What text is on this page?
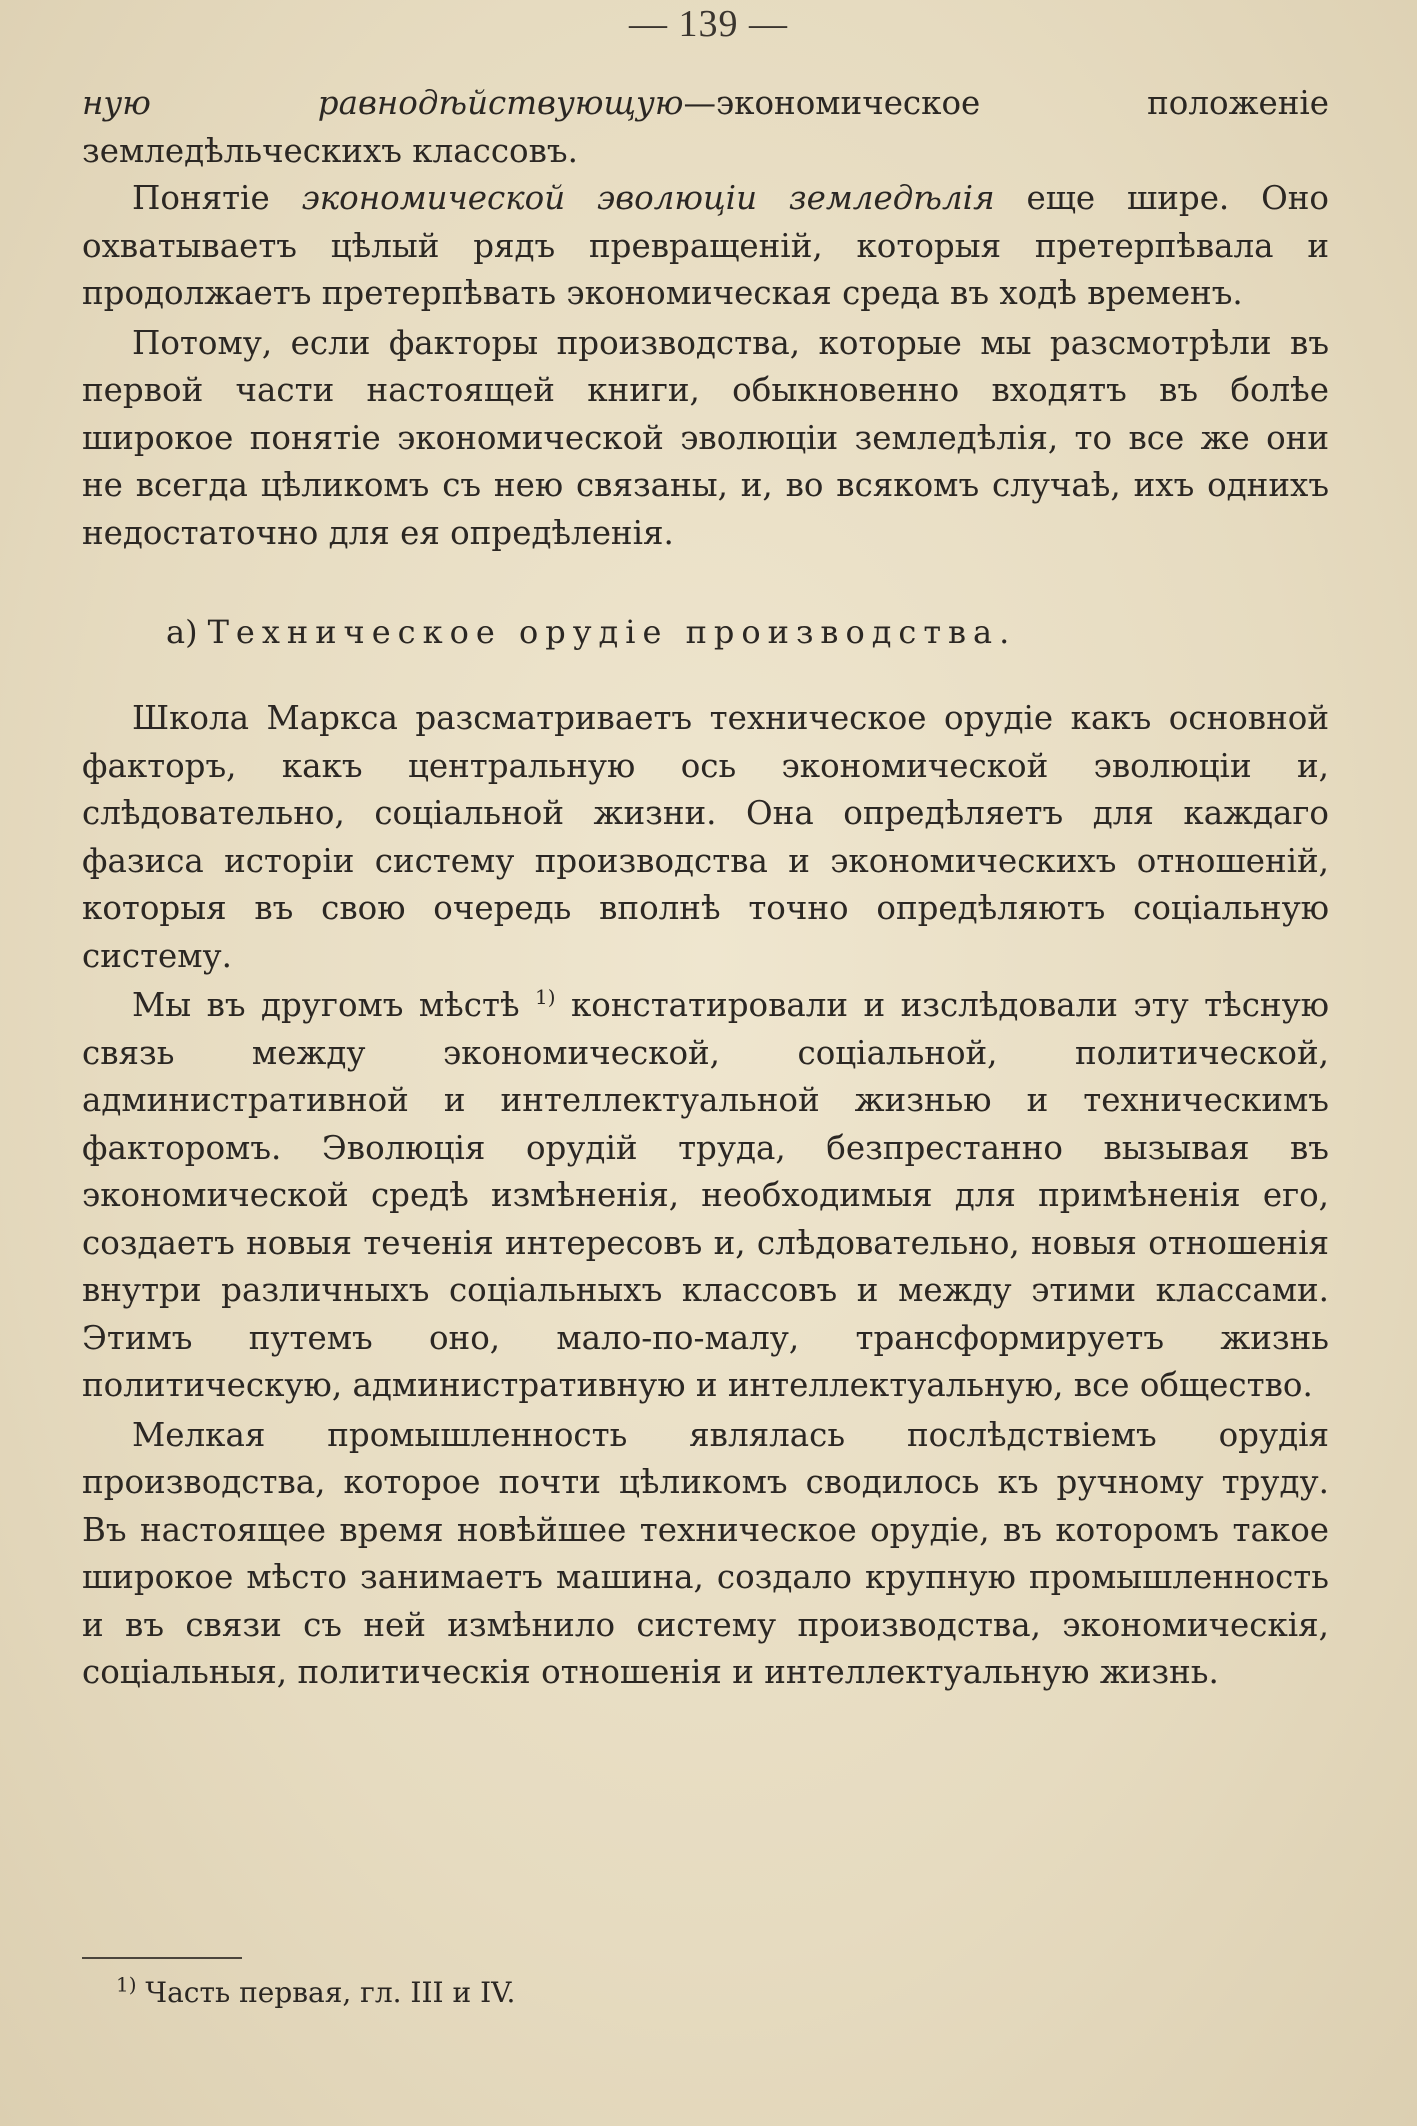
— 139 —

ную равнодѣйствующую—экономическое положеніе земледѣльческихъ классовъ.

Понятіе экономической эволюціи земледѣлія еще шире. Оно охватываетъ цѣлый рядъ превращеній, которыя претерпѣвала и продолжаетъ претерпѣвать экономическая среда въ ходѣ временъ.

Потому, если факторы производства, которые мы разсмотрѣли въ первой части настоящей книги, обыкновенно входятъ въ болѣе широкое понятіе экономической эволюціи земледѣлія, то все же они не всегда цѣликомъ съ нею связаны, и, во всякомъ случаѣ, ихъ однихъ недостаточно для ея опредѣленія.

а) Техническое орудіе производства.

Школа Маркса разсматриваетъ техническое орудіе какъ основной факторъ, какъ центральную ось экономической эволюціи и, слѣдовательно, соціальной жизни. Она опредѣляетъ для каждаго фазиса исторіи систему производства и экономическихъ отношеній, которыя въ свою очередь вполнѣ точно опредѣляютъ соціальную систему.

Мы въ другомъ мѣстѣ $^{1)}$ констатировали и изслѣдовали эту тѣсную связь между экономической, соціальной, политической, административной и интеллектуальной жизнью и техническимъ факторомъ. Эволюція орудій труда, безпрестанно вызывая въ экономической средѣ измѣненія, необходимыя для примѣненія его, создаетъ новыя теченія интересовъ и, слѣдовательно, новыя отношенія внутри различныхъ соціальныхъ классовъ и между этими классами. Этимъ путемъ оно, мало-по-малу, трансформируетъ жизнь политическую, административную и интеллектуальную, все общество.

Мелкая промышленность являлась послѣдствіемъ орудія производства, которое почти цѣликомъ сводилось къ ручному труду. Въ настоящее время новѣйшее техническое орудіе, въ которомъ такое широкое мѣсто занимаетъ машина, создало крупную промышленность и въ связи съ ней измѣнило систему производства, экономическія, соціальныя, политическія отношенія и интеллектуальную жизнь.

$^{1)}$ Часть первая, гл. III и IV.
